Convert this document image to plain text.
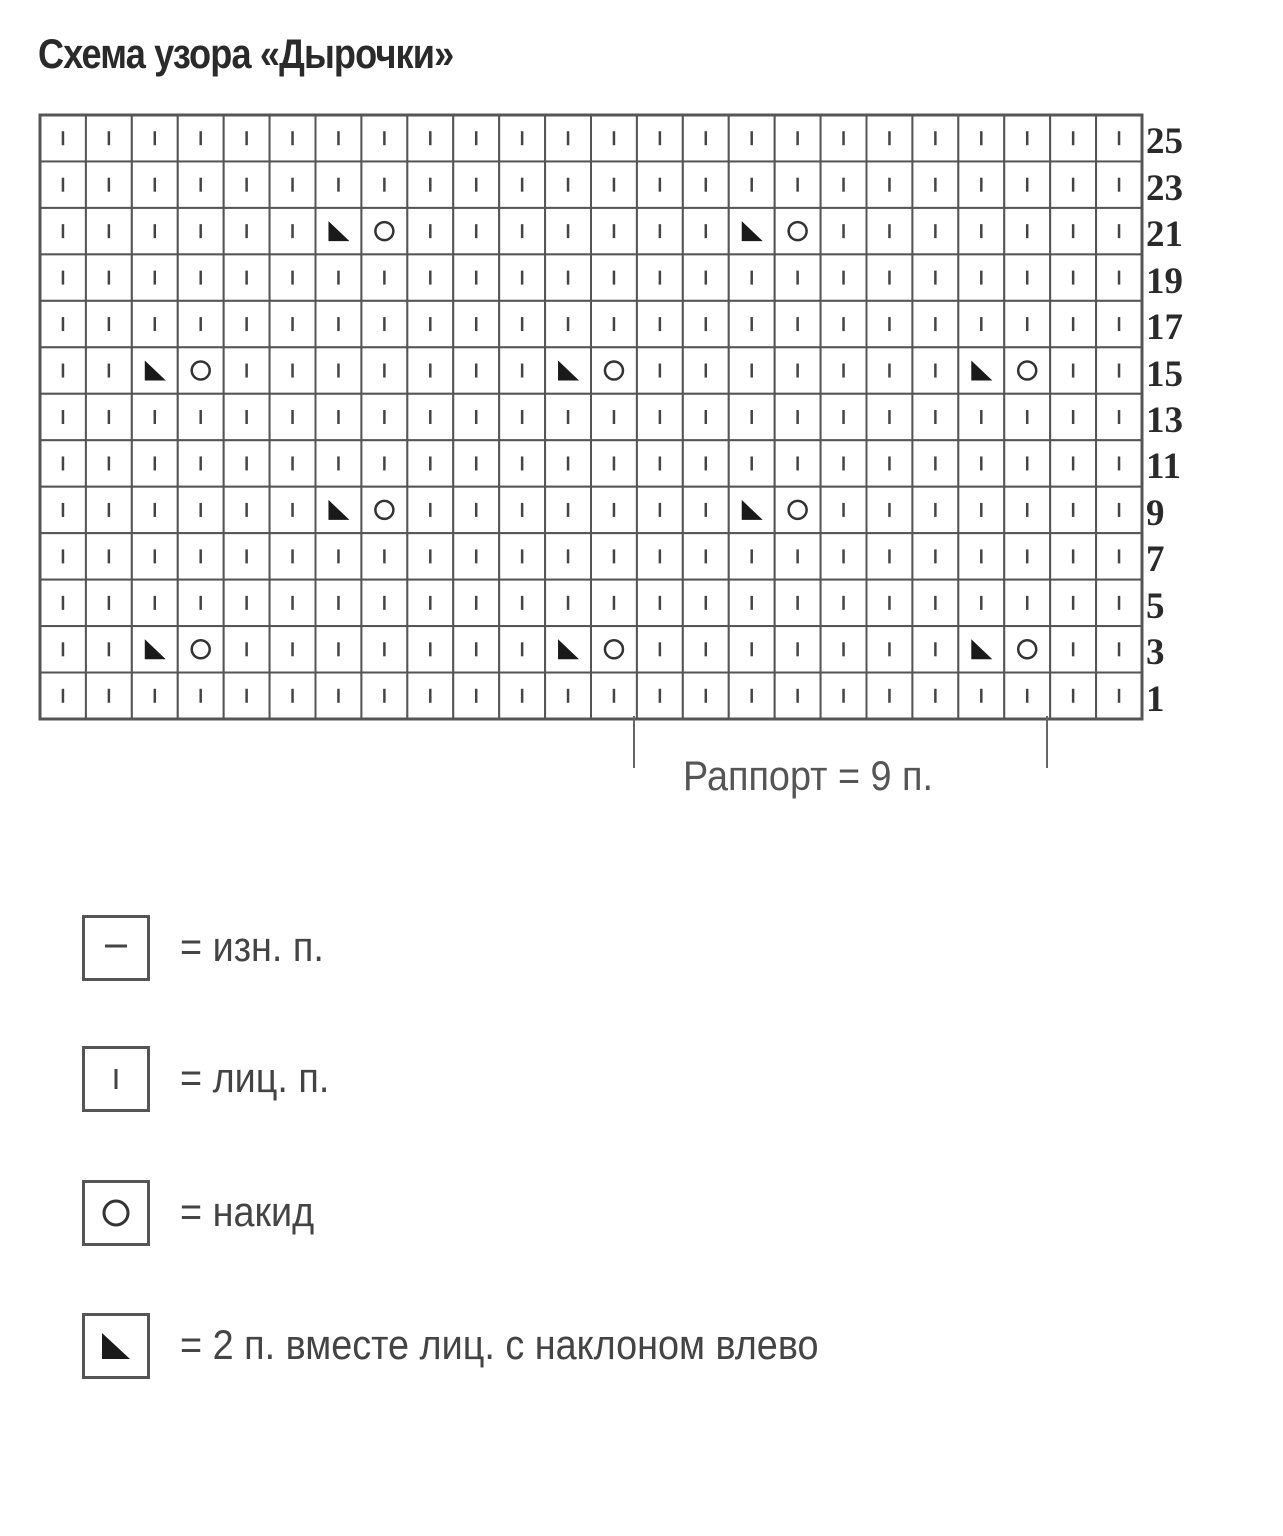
Схема узора «Дырочки»
25
23
21
19
17
15
13
11
9
7
5
3
1
Раппорт = 9 п.
= изн. п.
= лиц. п.
= накид
= 2 п. вместе лиц. с наклоном влево
